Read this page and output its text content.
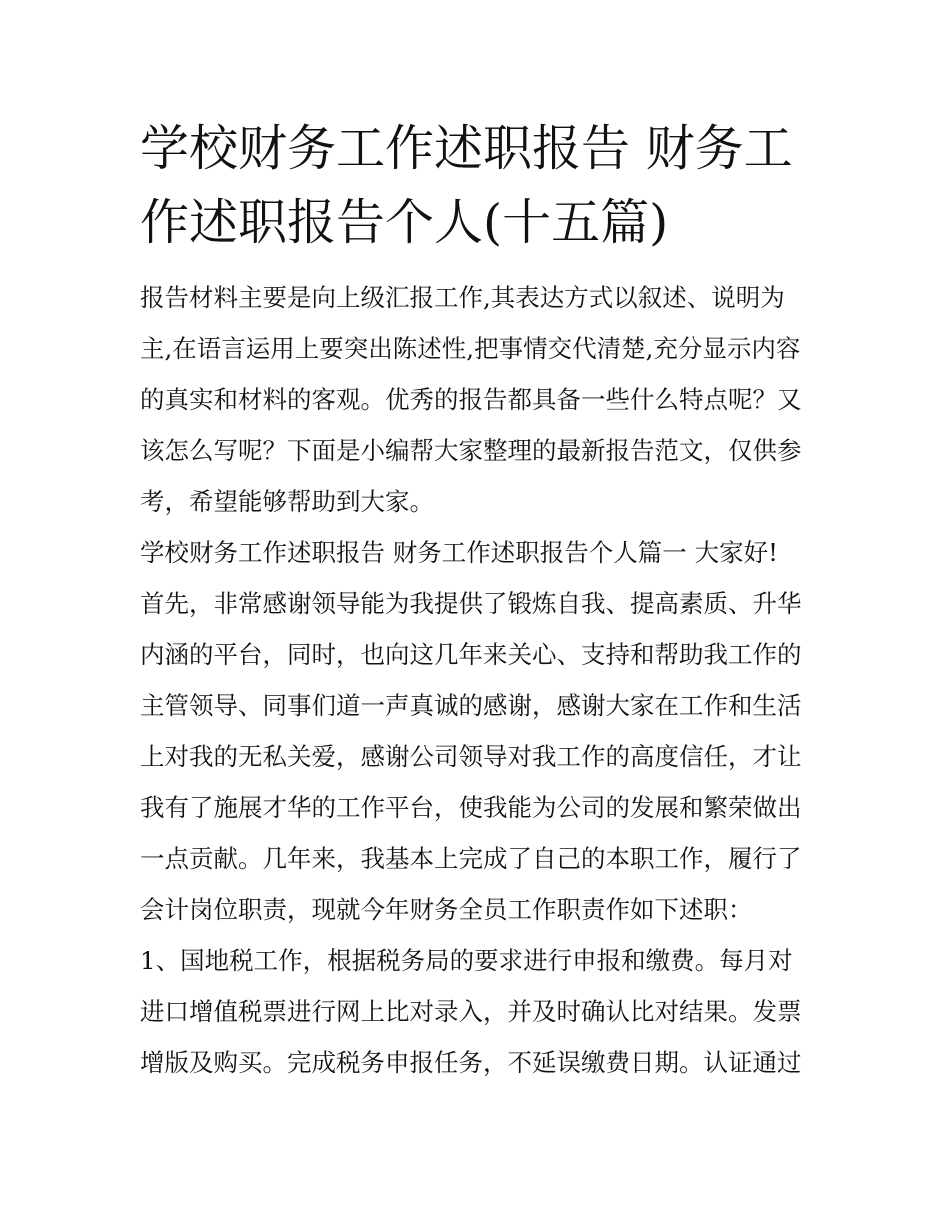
学校财务工作述职报告 财务工
作述职报告个人(十五篇)

报告材料主要是向上级汇报工作,其表达方式以叙述、说明为
主,在语言运用上要突出陈述性,把事情交代清楚,充分显示内容
的真实和材料的客观。优秀的报告都具备一些什么特点呢？又
该怎么写呢？下面是小编帮大家整理的最新报告范文，仅供参
考，希望能够帮助到大家。

学校财务工作述职报告 财务工作述职报告个人篇一 大家好!

首先，非常感谢领导能为我提供了锻炼自我、提高素质、升华
内涵的平台，同时，也向这几年来关心、支持和帮助我工作的
主管领导、同事们道一声真诚的感谢，感谢大家在工作和生活
上对我的无私关爱，感谢公司领导对我工作的高度信任，才让
我有了施展才华的工作平台，使我能为公司的发展和繁荣做出
一点贡献。几年来，我基本上完成了自己的本职工作，履行了
会计岗位职责，现就今年财务全员工作职责作如下述职：

1、国地税工作，根据税务局的要求进行申报和缴费。每月对
进口增值税票进行网上比对录入，并及时确认比对结果。发票
增版及购买。完成税务申报任务，不延误缴费日期。认证通过
